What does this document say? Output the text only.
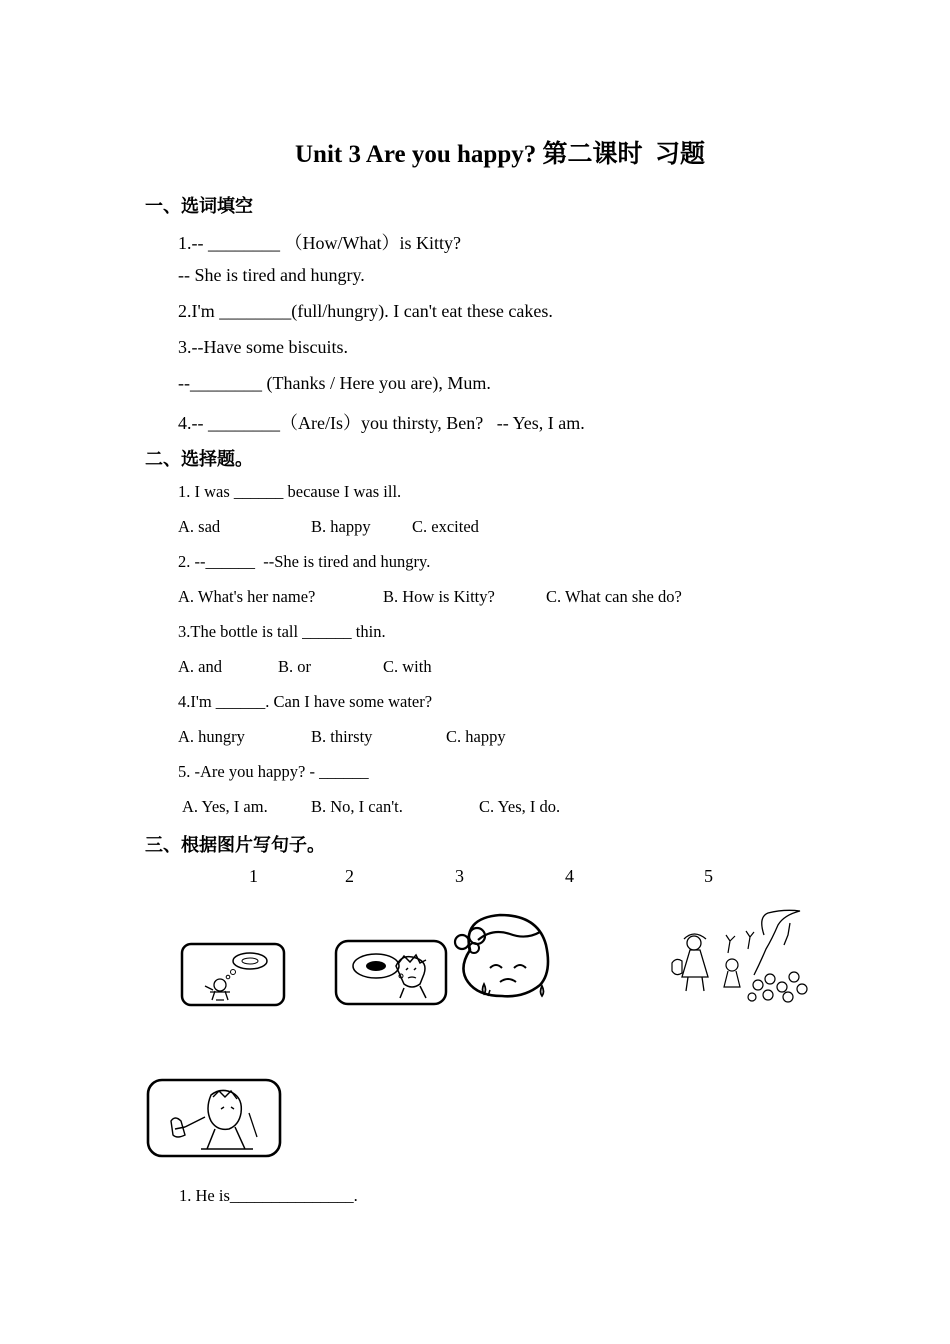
Unit 3 Are you happy? 第二课时  习题
一、选词填空
1.-- ________ （How/What）is Kitty?
-- She is tired and hungry.
2.I'm ________(full/hungry). I can't eat these cakes.
3.--Have some biscuits.
--________ (Thanks / Here you are), Mum.
4.-- ________（Are/Is）you thirsty, Ben?   -- Yes, I am.
二、选择题。
1. I was ______ because I was ill.
A. sad	B. happy	C. excited
2. --______  --She is tired and hungry.
A. What's her name?	B. How is Kitty?	C. What can she do?
3.The bottle is tall ______ thin.
A. and	B. or	C. with
4.I'm ______. Can I have some water?
A. hungry	B. thirsty	C. happy
5. -Are you happy? - ______
A. Yes, I am.	B. No, I can't.	C. Yes, I do.
三、根据图片写句子。
1	2	3	4	5
1. He is_______________.
